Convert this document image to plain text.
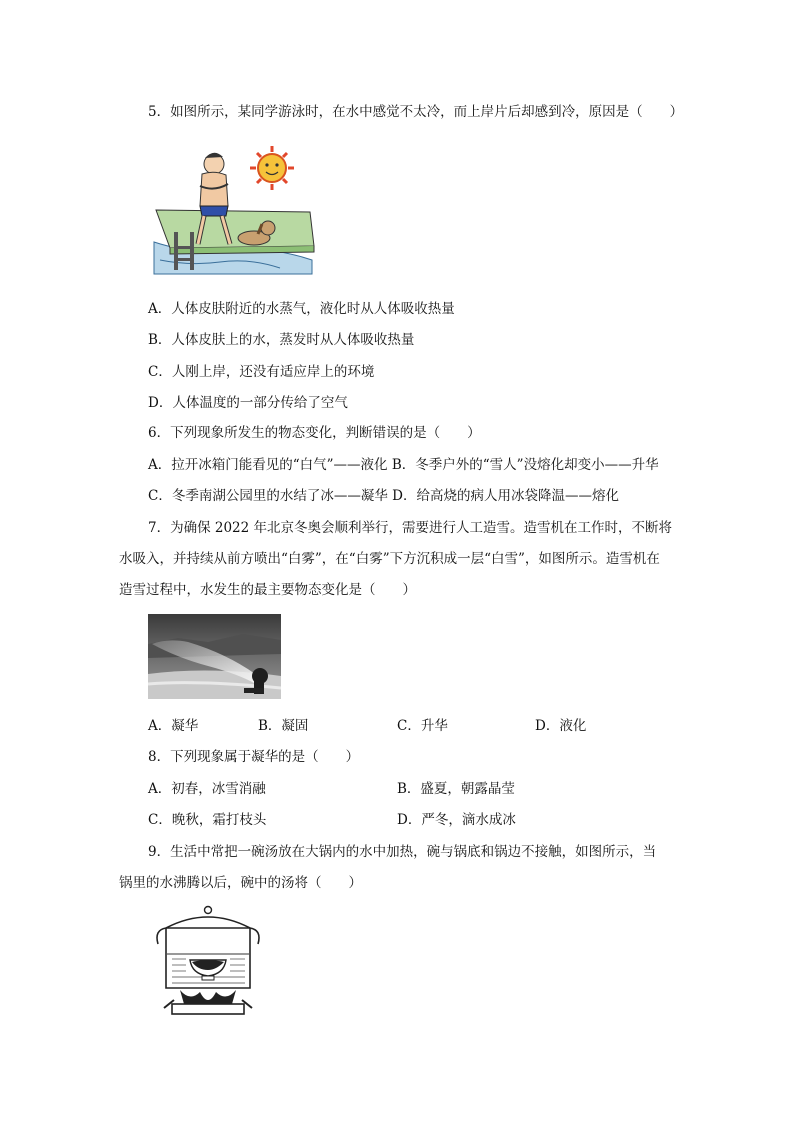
5．如图所示，某同学游泳时，在水中感觉不太冷，而上岸片后却感到冷，原因是（　　）
A．人体皮肤附近的水蒸气，液化时从人体吸收热量
B．人体皮肤上的水，蒸发时从人体吸收热量
C．人刚上岸，还没有适应岸上的环境
D．人体温度的一部分传给了空气
6．下列现象所发生的物态变化，判断错误的是（　　）
A．拉开冰箱门能看见的“白气”——液化 B．冬季户外的“雪人”没熔化却变小——升华
C．冬季南湖公园里的水结了冰——凝华 D．给高烧的病人用冰袋降温——熔化
7．为确保 2022 年北京冬奥会顺利举行，需要进行人工造雪。造雪机在工作时，不断将
水吸入，并持续从前方喷出“白雾”，在“白雾”下方沉积成一层“白雪”，如图所示。造雪机在
造雪过程中，水发生的最主要物态变化是（　　）
A．凝华	B．凝固	C．升华	D．液化
8．下列现象属于凝华的是（　　）
A．初春，冰雪消融	B．盛夏，朝露晶莹
C．晚秋，霜打枝头	D．严冬，滴水成冰
9．生活中常把一碗汤放在大锅内的水中加热，碗与锅底和锅边不接触，如图所示，当
锅里的水沸腾以后，碗中的汤将（　　）
